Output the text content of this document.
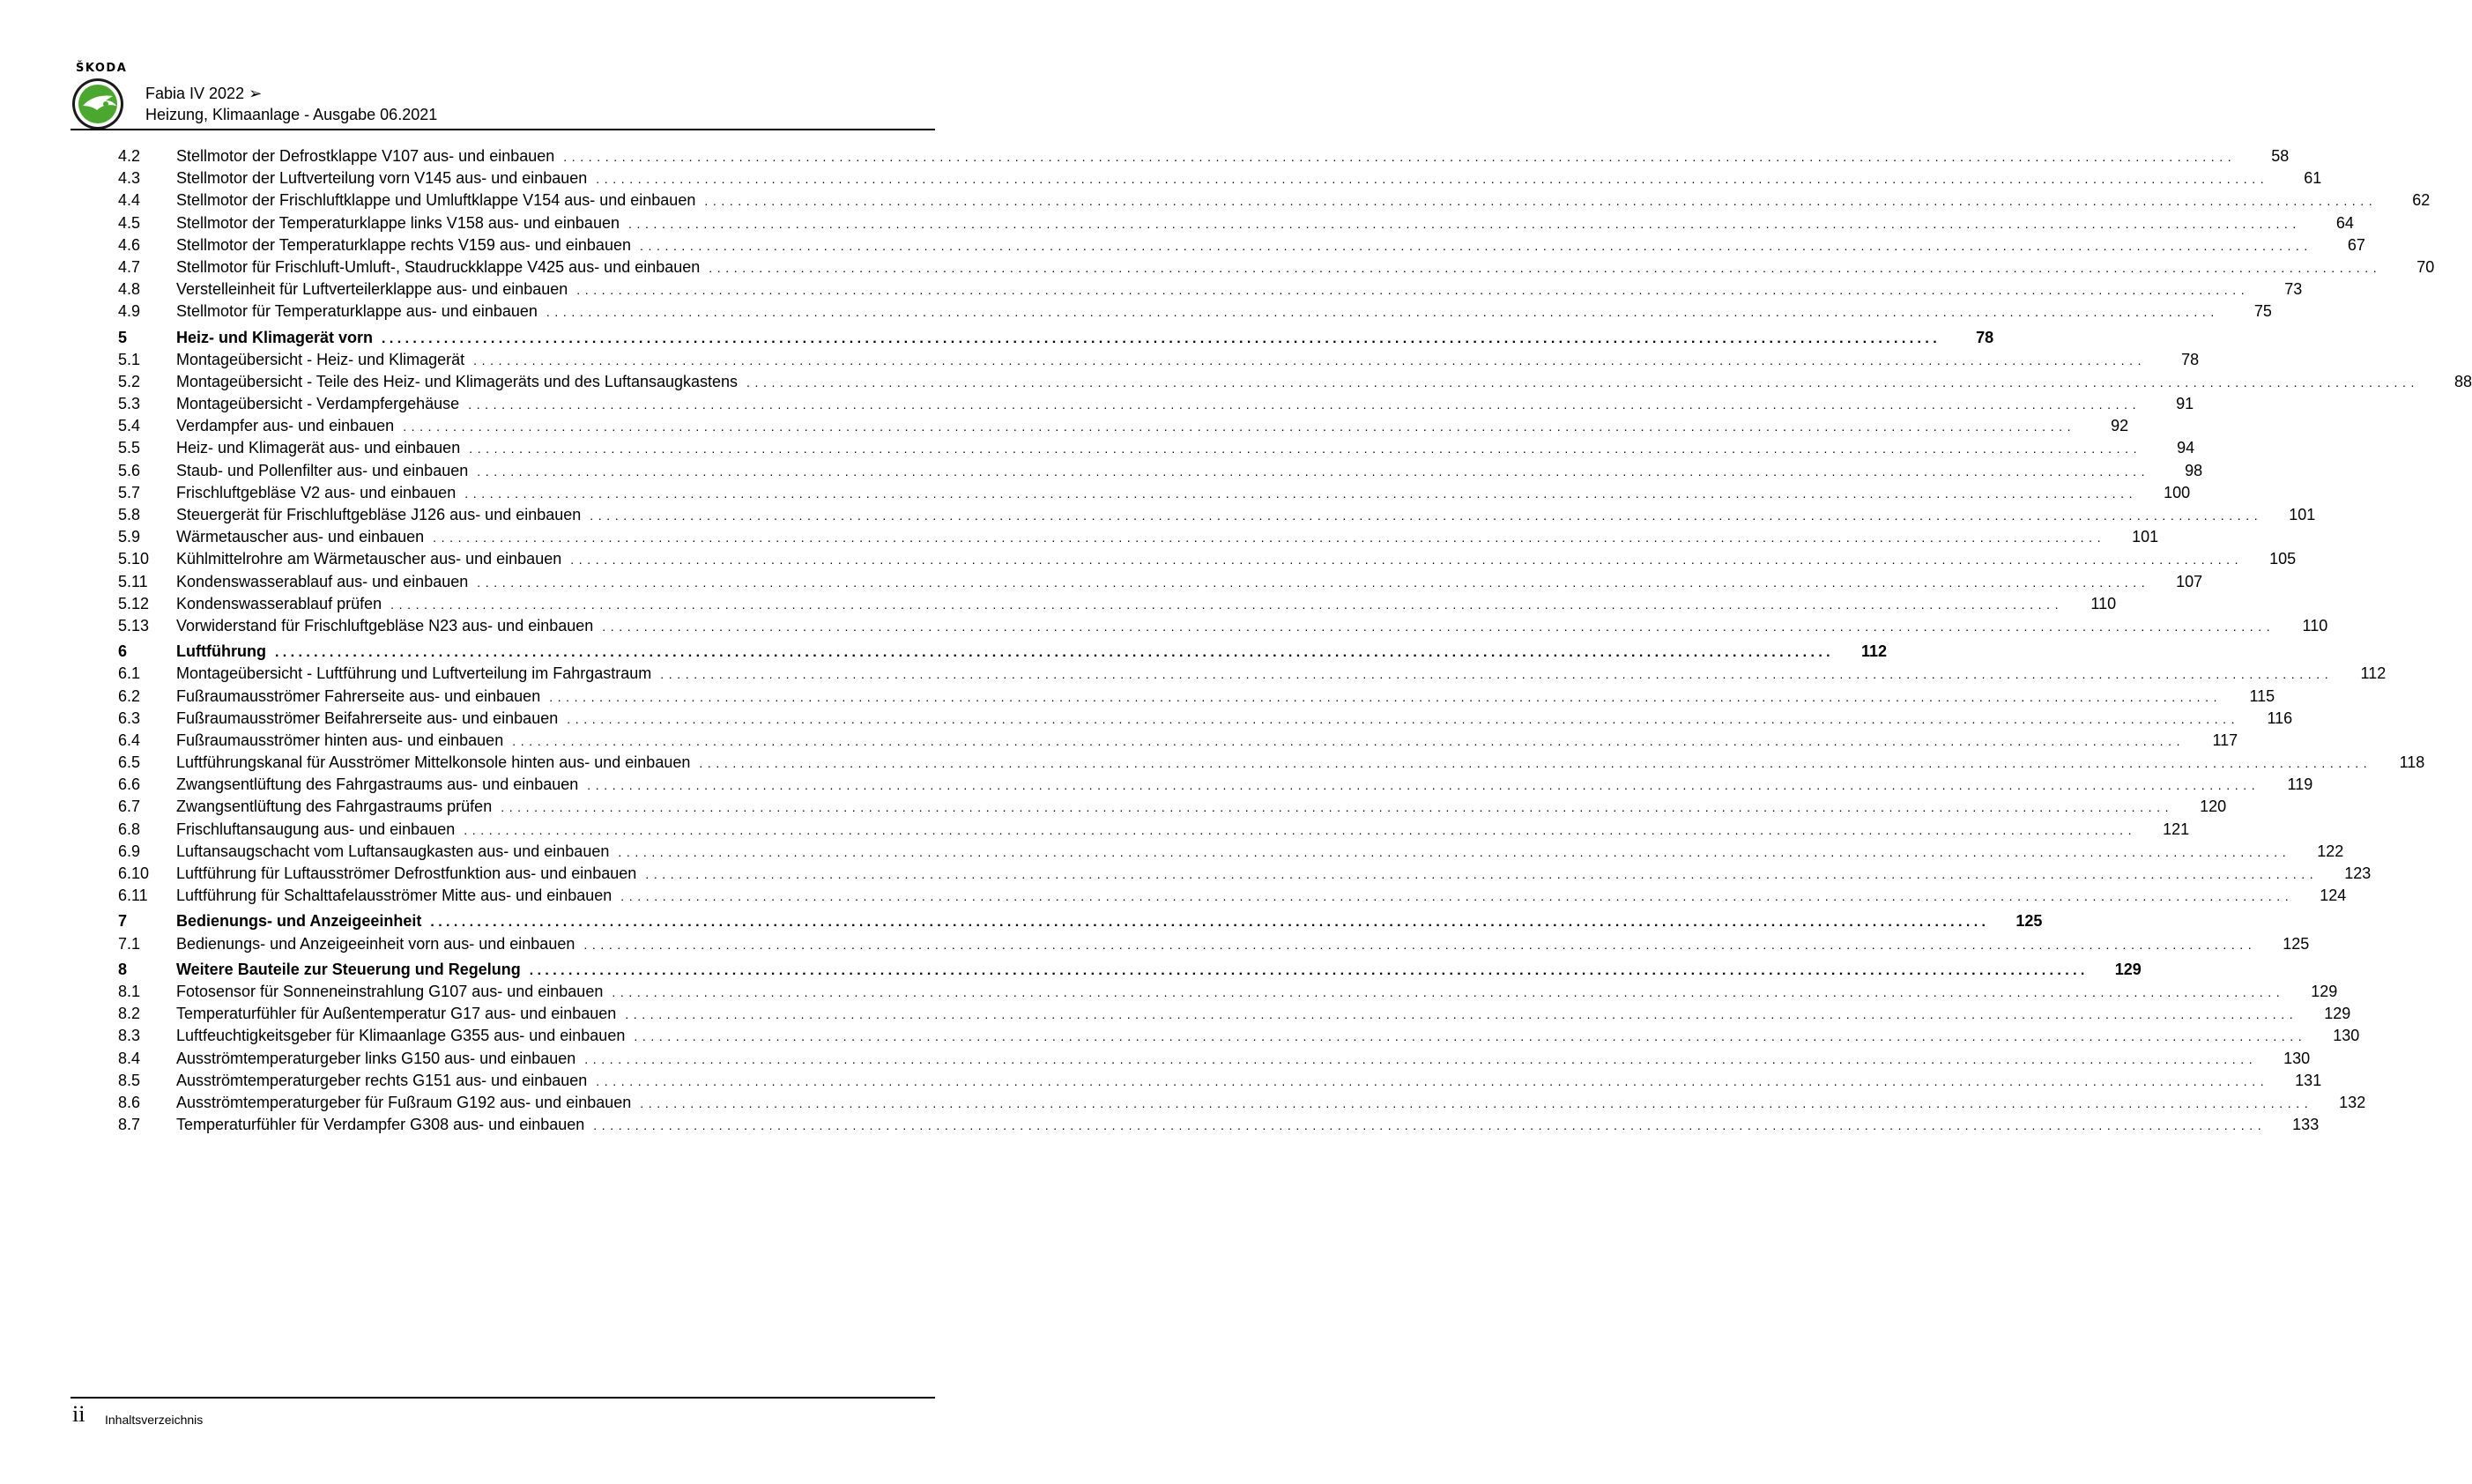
ŠKODA
Fabia IV 2022 ➢
Heizung, Klimaanlage - Ausgabe 06.2021
4.2	Stellmotor der Defrostklappe V107 aus- und einbauen ........................................................................................................................................................................................................	58
4.3	Stellmotor der Luftverteilung vorn V145 aus- und einbauen ........................................................................................................................................................................................................	61
4.4	Stellmotor der Frischluftklappe und Umluftklappe V154 aus- und einbauen ........................................................................................................................................................................................................	62
4.5	Stellmotor der Temperaturklappe links V158 aus- und einbauen ........................................................................................................................................................................................................	64
4.6	Stellmotor der Temperaturklappe rechts V159 aus- und einbauen ........................................................................................................................................................................................................	67
4.7	Stellmotor für Frischluft-Umluft-, Staudruckklappe V425 aus- und einbauen ........................................................................................................................................................................................................	70
4.8	Verstelleinheit für Luftverteilerklappe aus- und einbauen ........................................................................................................................................................................................................	73
4.9	Stellmotor für Temperaturklappe aus- und einbauen ........................................................................................................................................................................................................	75
5	Heiz- und Klimagerät vorn ........................................................................................................................................................................................................	78
5.1	Montageübersicht - Heiz- und Klimagerät ........................................................................................................................................................................................................	78
5.2	Montageübersicht - Teile des Heiz- und Klimageräts und des Luftansaugkastens ........................................................................................................................................................................................................	88
5.3	Montageübersicht - Verdampfergehäuse ........................................................................................................................................................................................................	91
5.4	Verdampfer aus- und einbauen ........................................................................................................................................................................................................	92
5.5	Heiz- und Klimagerät aus- und einbauen ........................................................................................................................................................................................................	94
5.6	Staub- und Pollenfilter aus- und einbauen ........................................................................................................................................................................................................	98
5.7	Frischluftgebläse V2 aus- und einbauen ........................................................................................................................................................................................................	100
5.8	Steuergerät für Frischluftgebläse J126 aus- und einbauen ........................................................................................................................................................................................................	101
5.9	Wärmetauscher aus- und einbauen ........................................................................................................................................................................................................	101
5.10	Kühlmittelrohre am Wärmetauscher aus- und einbauen ........................................................................................................................................................................................................	105
5.11	Kondenswasserablauf aus- und einbauen ........................................................................................................................................................................................................	107
5.12	Kondenswasserablauf prüfen ........................................................................................................................................................................................................	110
5.13	Vorwiderstand für Frischluftgebläse N23 aus- und einbauen ........................................................................................................................................................................................................	110
6	Luftführung ........................................................................................................................................................................................................	112
6.1	Montageübersicht - Luftführung und Luftverteilung im Fahrgastraum ........................................................................................................................................................................................................	112
6.2	Fußraumausströmer Fahrerseite aus- und einbauen ........................................................................................................................................................................................................	115
6.3	Fußraumausströmer Beifahrerseite aus- und einbauen ........................................................................................................................................................................................................	116
6.4	Fußraumausströmer hinten aus- und einbauen ........................................................................................................................................................................................................	117
6.5	Luftführungskanal für Ausströmer Mittelkonsole hinten aus- und einbauen ........................................................................................................................................................................................................	118
6.6	Zwangsentlüftung des Fahrgastraums aus- und einbauen ........................................................................................................................................................................................................	119
6.7	Zwangsentlüftung des Fahrgastraums prüfen ........................................................................................................................................................................................................	120
6.8	Frischluftansaugung aus- und einbauen ........................................................................................................................................................................................................	121
6.9	Luftansaugschacht vom Luftansaugkasten aus- und einbauen ........................................................................................................................................................................................................	122
6.10	Luftführung für Luftausströmer Defrostfunktion aus- und einbauen ........................................................................................................................................................................................................	123
6.11	Luftführung für Schalttafelausströmer Mitte aus- und einbauen ........................................................................................................................................................................................................	124
7	Bedienungs- und Anzeigeeinheit ........................................................................................................................................................................................................	125
7.1	Bedienungs- und Anzeigeeinheit vorn aus- und einbauen ........................................................................................................................................................................................................	125
8	Weitere Bauteile zur Steuerung und Regelung ........................................................................................................................................................................................................	129
8.1	Fotosensor für Sonneneinstrahlung G107 aus- und einbauen ........................................................................................................................................................................................................	129
8.2	Temperaturfühler für Außentemperatur G17 aus- und einbauen ........................................................................................................................................................................................................	129
8.3	Luftfeuchtigkeitsgeber für Klimaanlage G355 aus- und einbauen ........................................................................................................................................................................................................	130
8.4	Ausströmtemperaturgeber links G150 aus- und einbauen ........................................................................................................................................................................................................	130
8.5	Ausströmtemperaturgeber rechts G151 aus- und einbauen ........................................................................................................................................................................................................	131
8.6	Ausströmtemperaturgeber für Fußraum G192 aus- und einbauen ........................................................................................................................................................................................................	132
8.7	Temperaturfühler für Verdampfer G308 aus- und einbauen ........................................................................................................................................................................................................	133
ii Inhaltsverzeichnis
